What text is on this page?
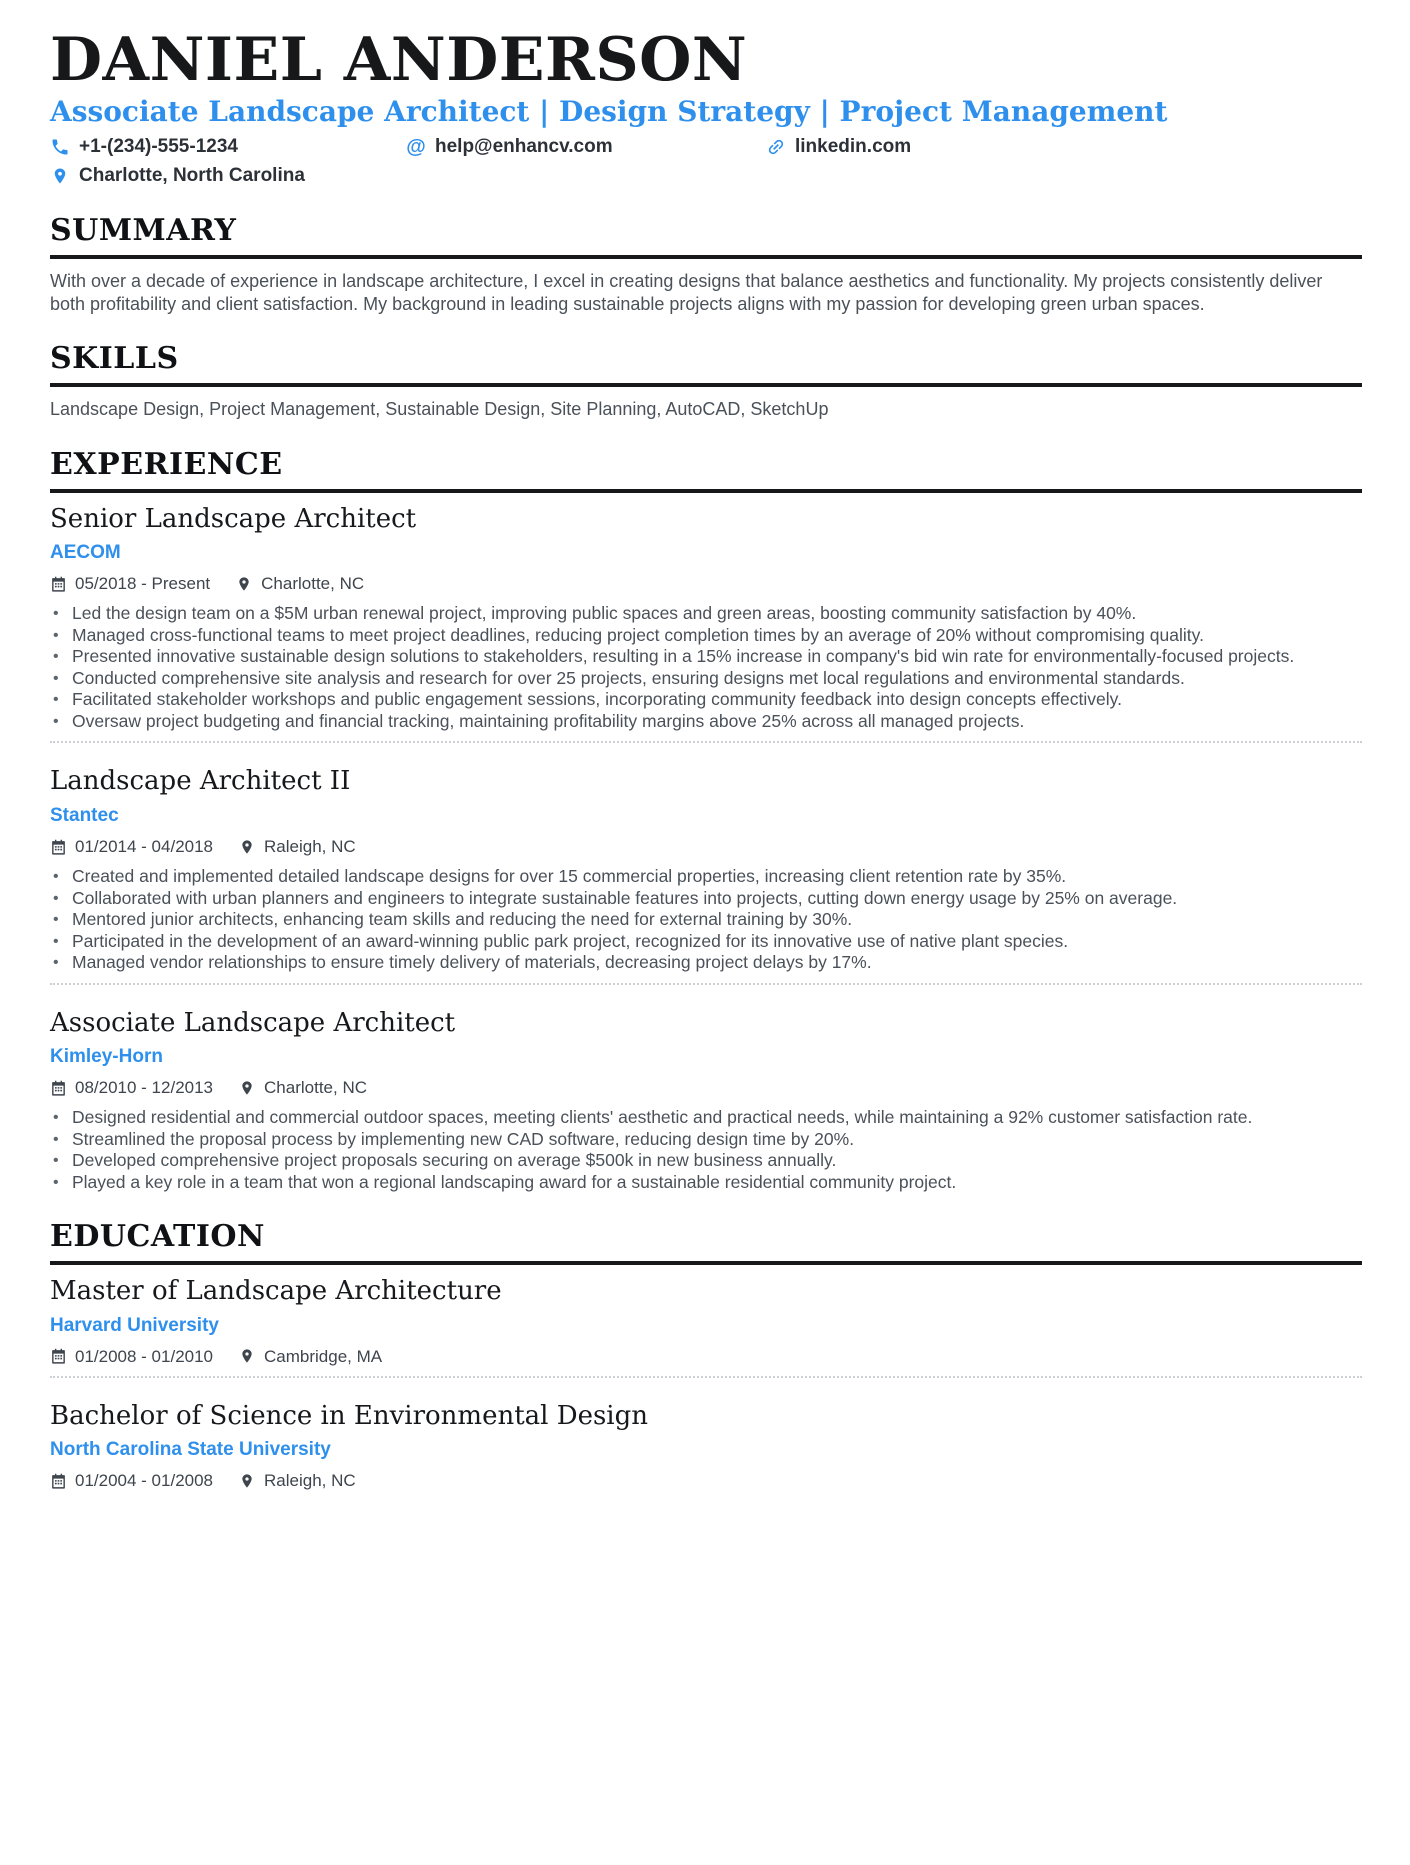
DANIEL ANDERSON
Associate Landscape Architect | Design Strategy | Project Management
+1-(234)-555-1234	@ help@enhancv.com	linkedin.com
Charlotte, North Carolina
SUMMARY

With over a decade of experience in landscape architecture, I excel in creating designs that balance aesthetics and functionality. My projects consistently deliver both profitability and client satisfaction. My background in leading sustainable projects aligns with my passion for developing green urban spaces.

SKILLS

Landscape Design, Project Management, Sustainable Design, Site Planning, AutoCAD, SketchUp

EXPERIENCE
Senior Landscape Architect
AECOM
05/2018 - Present	Charlotte, NC
• Led the design team on a $5M urban renewal project, improving public spaces and green areas, boosting community satisfaction by 40%.
• Managed cross-functional teams to meet project deadlines, reducing project completion times by an average of 20% without compromising quality.
• Presented innovative sustainable design solutions to stakeholders, resulting in a 15% increase in company's bid win rate for environmentally-focused projects.
• Conducted comprehensive site analysis and research for over 25 projects, ensuring designs met local regulations and environmental standards.
• Facilitated stakeholder workshops and public engagement sessions, incorporating community feedback into design concepts effectively.
• Oversaw project budgeting and financial tracking, maintaining profitability margins above 25% across all managed projects.
Landscape Architect II
Stantec
01/2014 - 04/2018	Raleigh, NC
• Created and implemented detailed landscape designs for over 15 commercial properties, increasing client retention rate by 35%.
• Collaborated with urban planners and engineers to integrate sustainable features into projects, cutting down energy usage by 25% on average.
• Mentored junior architects, enhancing team skills and reducing the need for external training by 30%.
• Participated in the development of an award-winning public park project, recognized for its innovative use of native plant species.
• Managed vendor relationships to ensure timely delivery of materials, decreasing project delays by 17%.
Associate Landscape Architect
Kimley-Horn
08/2010 - 12/2013	Charlotte, NC
• Designed residential and commercial outdoor spaces, meeting clients' aesthetic and practical needs, while maintaining a 92% customer satisfaction rate.
• Streamlined the proposal process by implementing new CAD software, reducing design time by 20%.
• Developed comprehensive project proposals securing on average $500k in new business annually.
• Played a key role in a team that won a regional landscaping award for a sustainable residential community project.
EDUCATION
Master of Landscape Architecture
Harvard University
01/2008 - 01/2010	Cambridge, MA
Bachelor of Science in Environmental Design
North Carolina State University
01/2004 - 01/2008	Raleigh, NC
